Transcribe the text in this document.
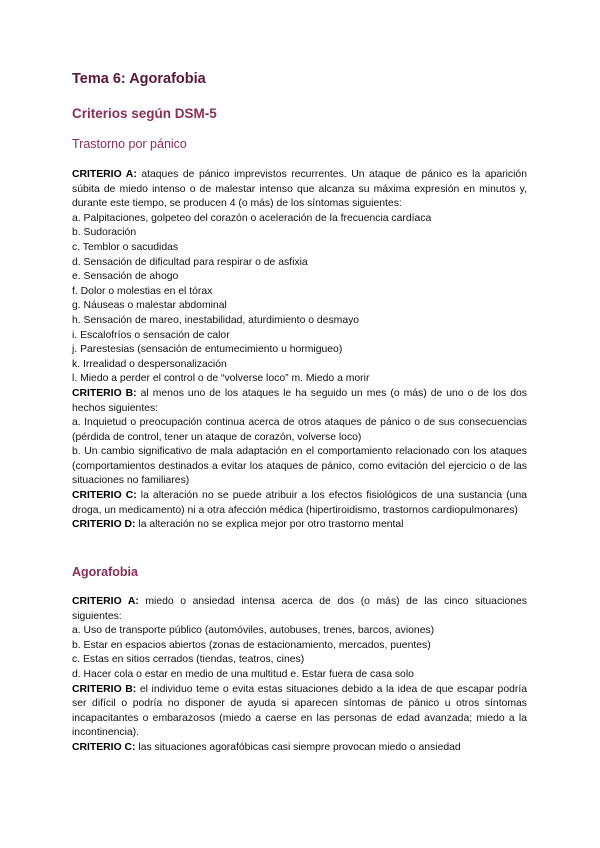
Tema 6: Agorafobia
Criterios según DSM-5
Trastorno por pánico

CRITERIO A: ataques de pánico imprevistos recurrentes. Un ataque de pánico es la aparición súbita de miedo intenso o de malestar intenso que alcanza su máxima expresión en minutos y, durante este tiempo, se producen 4 (o más) de los síntomas siguientes:

a. Palpitaciones, golpeteo del corazón o aceleración de la frecuencia cardíaca

b. Sudoración

c. Temblor o sacudidas

d. Sensación de dificultad para respirar o de asfixia

e. Sensación de ahogo

f. Dolor o molestias en el tórax

g. Náuseas o malestar abdominal

h. Sensación de mareo, inestabilidad, aturdimiento o desmayo

i. Escalofríos o sensación de calor

j. Parestesias (sensación de entumecimiento u hormigueo)

k. Irrealidad o despersonalización

l. Miedo a perder el control o de “volverse loco” m. Miedo a morir

CRITERIO B: al menos uno de los ataques le ha seguido un mes (o más) de uno o de los dos hechos siguientes:

a. Inquietud o preocupación continua acerca de otros ataques de pánico o de sus consecuencias (pérdida de control, tener un ataque de corazón, volverse loco)

b. Un cambio significativo de mala adaptación en el comportamiento relacionado con los ataques (comportamientos destinados a evitar los ataques de pánico, como evitación del ejercicio o de las situaciones no familiares)

CRITERIO C: la alteración no se puede atribuir a los efectos fisiológicos de una sustancia (una droga, un medicamento) ni a otra afección médica (hipertiroidismo, trastornos cardiopulmonares)

CRITERIO D: la alteración no se explica mejor por otro trastorno mental

Agorafobia

CRITERIO A: miedo o ansiedad intensa acerca de dos (o más) de las cinco situaciones siguientes:

a. Uso de transporte público (automóviles, autobuses, trenes, barcos, aviones)

b. Estar en espacios abiertos (zonas de estacionamiento, mercados, puentes)

c. Estas en sitios cerrados (tiendas, teatros, cines)

d. Hacer cola o estar en medio de una multitud e. Estar fuera de casa solo

CRITERIO B: el individuo teme o evita estas situaciones debido a la idea de que escapar podría ser difícil o podría no disponer de ayuda si aparecen síntomas de pánico u otros síntomas incapacitantes o embarazosos (miedo a caerse en las personas de edad avanzada; miedo a la incontinencia).

CRITERIO C: las situaciones agorafóbicas casi siempre provocan miedo o ansiedad
